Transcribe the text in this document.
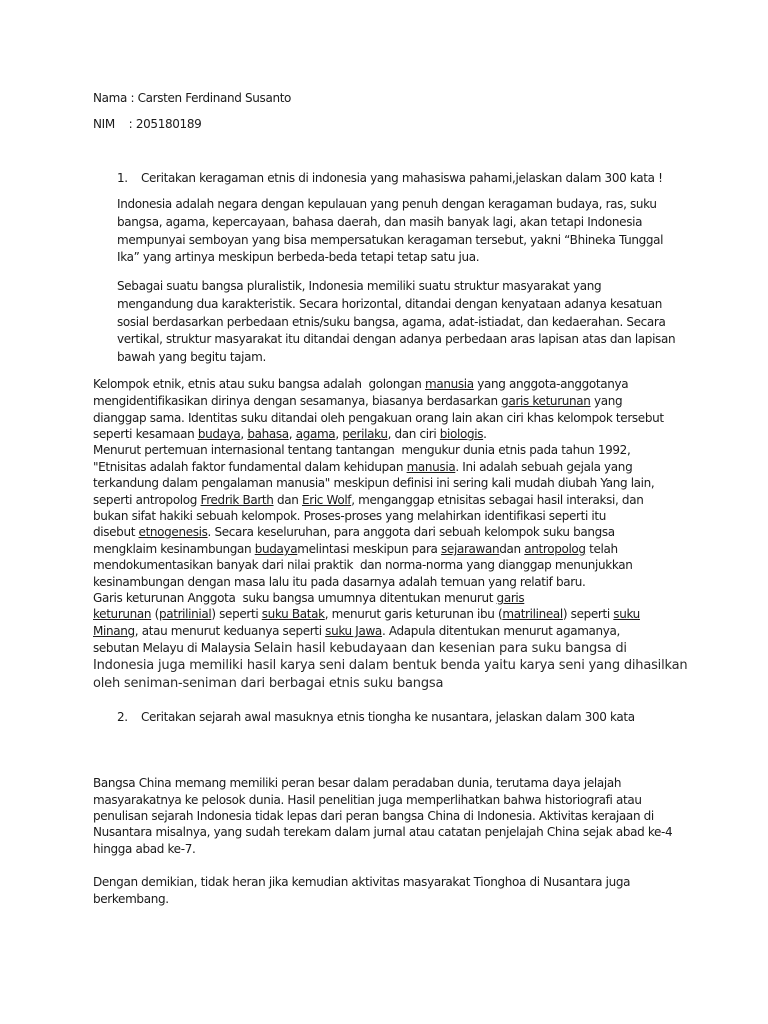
Nama : Carsten Ferdinand Susanto
NIM    : 205180189
1. Ceritakan keragaman etnis di indonesia yang mahasiswa pahami,jelaskan dalam 300 kata !
Indonesia adalah negara dengan kepulauan yang penuh dengan keragaman budaya, ras, suku
bangsa, agama, kepercayaan, bahasa daerah, dan masih banyak lagi, akan tetapi Indonesia
mempunyai semboyan yang bisa mempersatukan keragaman tersebut, yakni “Bhineka Tunggal
Ika” yang artinya meskipun berbeda-beda tetapi tetap satu jua.
Sebagai suatu bangsa pluralistik, Indonesia memiliki suatu struktur masyarakat yang
mengandung dua karakteristik. Secara horizontal, ditandai dengan kenyataan adanya kesatuan
sosial berdasarkan perbedaan etnis/suku bangsa, agama, adat-istiadat, dan kedaerahan. Secara
vertikal, struktur masyarakat itu ditandai dengan adanya perbedaan aras lapisan atas dan lapisan
bawah yang begitu tajam.
Kelompok etnik, etnis atau suku bangsa adalah  golongan manusia yang anggota-anggotanya
mengidentifikasikan dirinya dengan sesamanya, biasanya berdasarkan garis keturunan yang
dianggap sama. Identitas suku ditandai oleh pengakuan orang lain akan ciri khas kelompok tersebut
seperti kesamaan budaya, bahasa, agama, perilaku, dan ciri biologis.
Menurut pertemuan internasional tentang tantangan  mengukur dunia etnis pada tahun 1992,
"Etnisitas adalah faktor fundamental dalam kehidupan manusia. Ini adalah sebuah gejala yang
terkandung dalam pengalaman manusia" meskipun definisi ini sering kali mudah diubah Yang lain,
seperti antropolog Fredrik Barth dan Eric Wolf, menganggap etnisitas sebagai hasil interaksi, dan
bukan sifat hakiki sebuah kelompok. Proses-proses yang melahirkan identifikasi seperti itu
disebut etnogenesis. Secara keseluruhan, para anggota dari sebuah kelompok suku bangsa
mengklaim kesinambungan budayamelintasi meskipun para sejarawandan antropolog telah
mendokumentasikan banyak dari nilai praktik  dan norma-norma yang dianggap menunjukkan
kesinambungan dengan masa lalu itu pada dasarnya adalah temuan yang relatif baru.
Garis keturunan Anggota  suku bangsa umumnya ditentukan menurut garis
keturunan (patrilinial) seperti suku Batak, menurut garis keturunan ibu (matrilineal) seperti suku
Minang, atau menurut keduanya seperti suku Jawa. Adapula ditentukan menurut agamanya,
sebutan Melayu di Malaysia Selain hasil kebudayaan dan kesenian para suku bangsa di
Indonesia juga memiliki hasil karya seni dalam bentuk benda yaitu karya seni yang dihasilkan
oleh seniman-seniman dari berbagai etnis suku bangsa
2. Ceritakan sejarah awal masuknya etnis tiongha ke nusantara, jelaskan dalam 300 kata
Bangsa China memang memiliki peran besar dalam peradaban dunia, terutama daya jelajah
masyarakatnya ke pelosok dunia. Hasil penelitian juga memperlihatkan bahwa historiografi atau
penulisan sejarah Indonesia tidak lepas dari peran bangsa China di Indonesia. Aktivitas kerajaan di
Nusantara misalnya, yang sudah terekam dalam jurnal atau catatan penjelajah China sejak abad ke-4
hingga abad ke-7.
Dengan demikian, tidak heran jika kemudian aktivitas masyarakat Tionghoa di Nusantara juga
berkembang.
